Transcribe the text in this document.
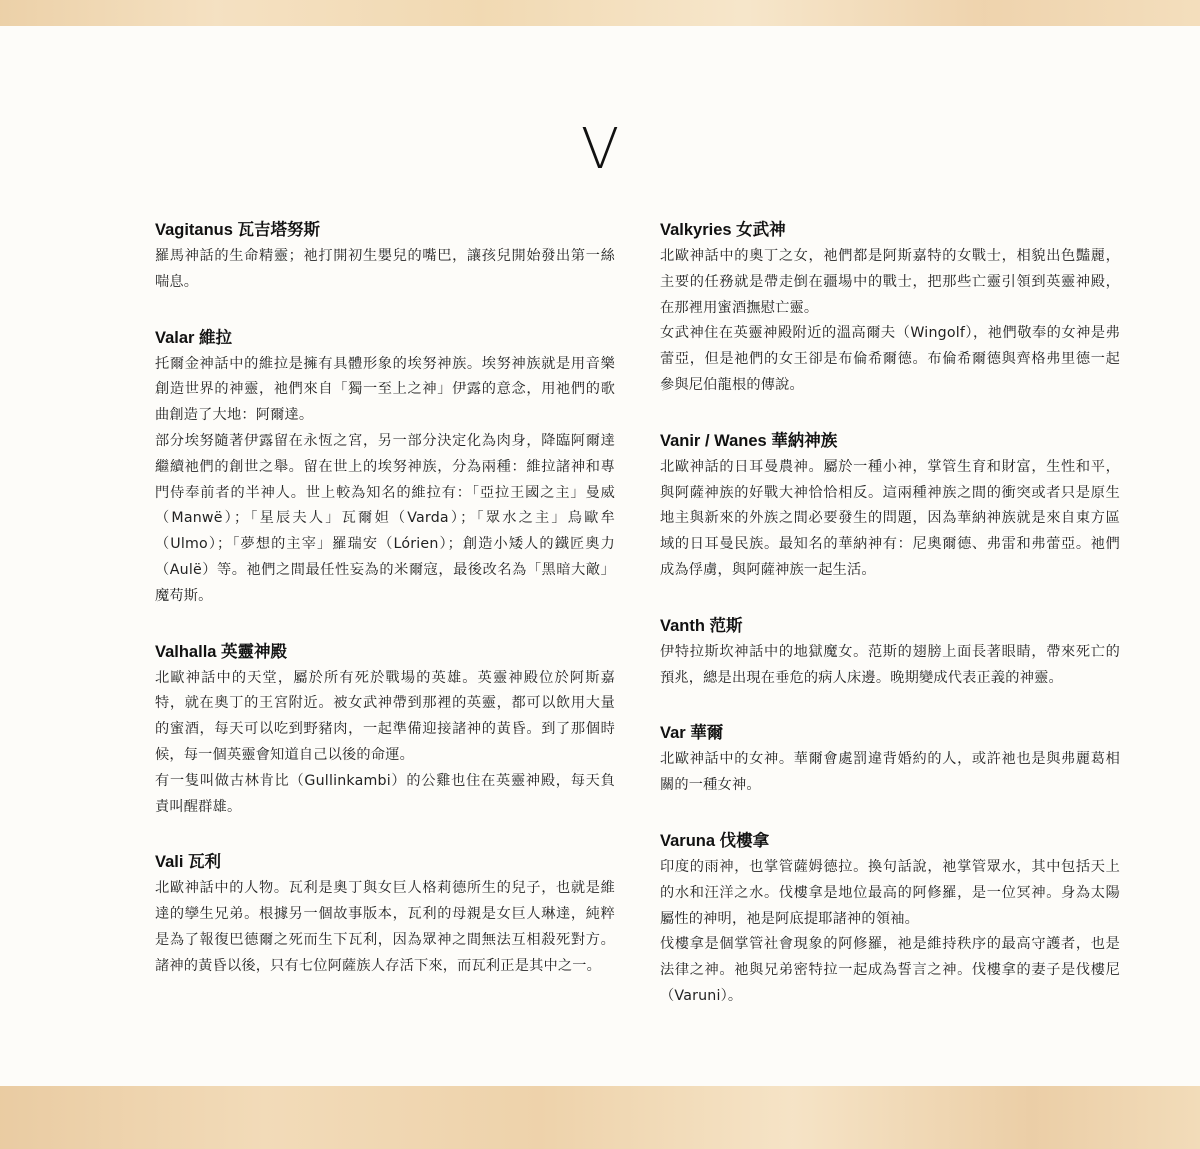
V
Vagitanus 瓦吉塔努斯

羅馬神話的生命精靈；祂打開初生嬰兒的嘴巴，讓孩兒開始發出第一絲喘息。

Valar 維拉

托爾金神話中的維拉是擁有具體形象的埃努神族。埃努神族就是用音樂創造世界的神靈，祂們來自「獨一至上之神」伊露的意念，用祂們的歌曲創造了大地：阿爾達。

部分埃努隨著伊露留在永恆之宮，另一部分決定化為肉身，降臨阿爾達繼續祂們的創世之舉。留在世上的埃努神族，分為兩種：維拉諸神和專門侍奉前者的半神人。世上較為知名的維拉有：「亞拉王國之主」曼威（Manwë）；「星辰夫人」瓦爾妲（Varda）；「眾水之主」烏歐牟（Ulmo）；「夢想的主宰」羅瑞安（Lórien）；創造小矮人的鐵匠奧力（Aulë）等。祂們之間最任性妄為的米爾寇，最後改名為「黑暗大敵」魔苟斯。

Valhalla 英靈神殿

北歐神話中的天堂，屬於所有死於戰場的英雄。英靈神殿位於阿斯嘉特，就在奧丁的王宮附近。被女武神帶到那裡的英靈，都可以飲用大量的蜜酒，每天可以吃到野豬肉，一起準備迎接諸神的黃昏。到了那個時候，每一個英靈會知道自己以後的命運。

有一隻叫做古林肯比（Gullinkambi）的公雞也住在英靈神殿，每天負責叫醒群雄。

Vali 瓦利

北歐神話中的人物。瓦利是奧丁與女巨人格莉德所生的兒子，也就是維達的孿生兄弟。根據另一個故事版本，瓦利的母親是女巨人琳達，純粹是為了報復巴德爾之死而生下瓦利，因為眾神之間無法互相殺死對方。諸神的黃昏以後，只有七位阿薩族人存活下來，而瓦利正是其中之一。

Valkyries 女武神

北歐神話中的奧丁之女，祂們都是阿斯嘉特的女戰士，相貌出色豔麗，主要的任務就是帶走倒在疆場中的戰士，把那些亡靈引領到英靈神殿，在那裡用蜜酒撫慰亡靈。

女武神住在英靈神殿附近的溫高爾夫（Wingolf），祂們敬奉的女神是弗蕾亞，但是祂們的女王卻是布倫希爾德。布倫希爾德與齊格弗里德一起參與尼伯龍根的傳說。

Vanir / Wanes 華納神族

北歐神話的日耳曼農神。屬於一種小神，掌管生育和財富，生性和平，與阿薩神族的好戰大神恰恰相反。這兩種神族之間的衝突或者只是原生地主與新來的外族之間必要發生的問題，因為華納神族就是來自東方區域的日耳曼民族。最知名的華納神有：尼奧爾德、弗雷和弗蕾亞。祂們成為俘虜，與阿薩神族一起生活。

Vanth 范斯

伊特拉斯坎神話中的地獄魔女。范斯的翅膀上面長著眼睛，帶來死亡的預兆，總是出現在垂危的病人床邊。晚期變成代表正義的神靈。

Var 華爾

北歐神話中的女神。華爾會處罰違背婚約的人，或許祂也是與弗麗葛相關的一種女神。

Varuna 伐樓拿

印度的雨神，也掌管薩姆德拉。換句話說，祂掌管眾水，其中包括天上的水和汪洋之水。伐樓拿是地位最高的阿修羅，是一位冥神。身為太陽屬性的神明，祂是阿底提耶諸神的領袖。

伐樓拿是個掌管社會現象的阿修羅，祂是維持秩序的最高守護者，也是法律之神。祂與兄弟密特拉一起成為誓言之神。伐樓拿的妻子是伐樓尼（Varuni）。
